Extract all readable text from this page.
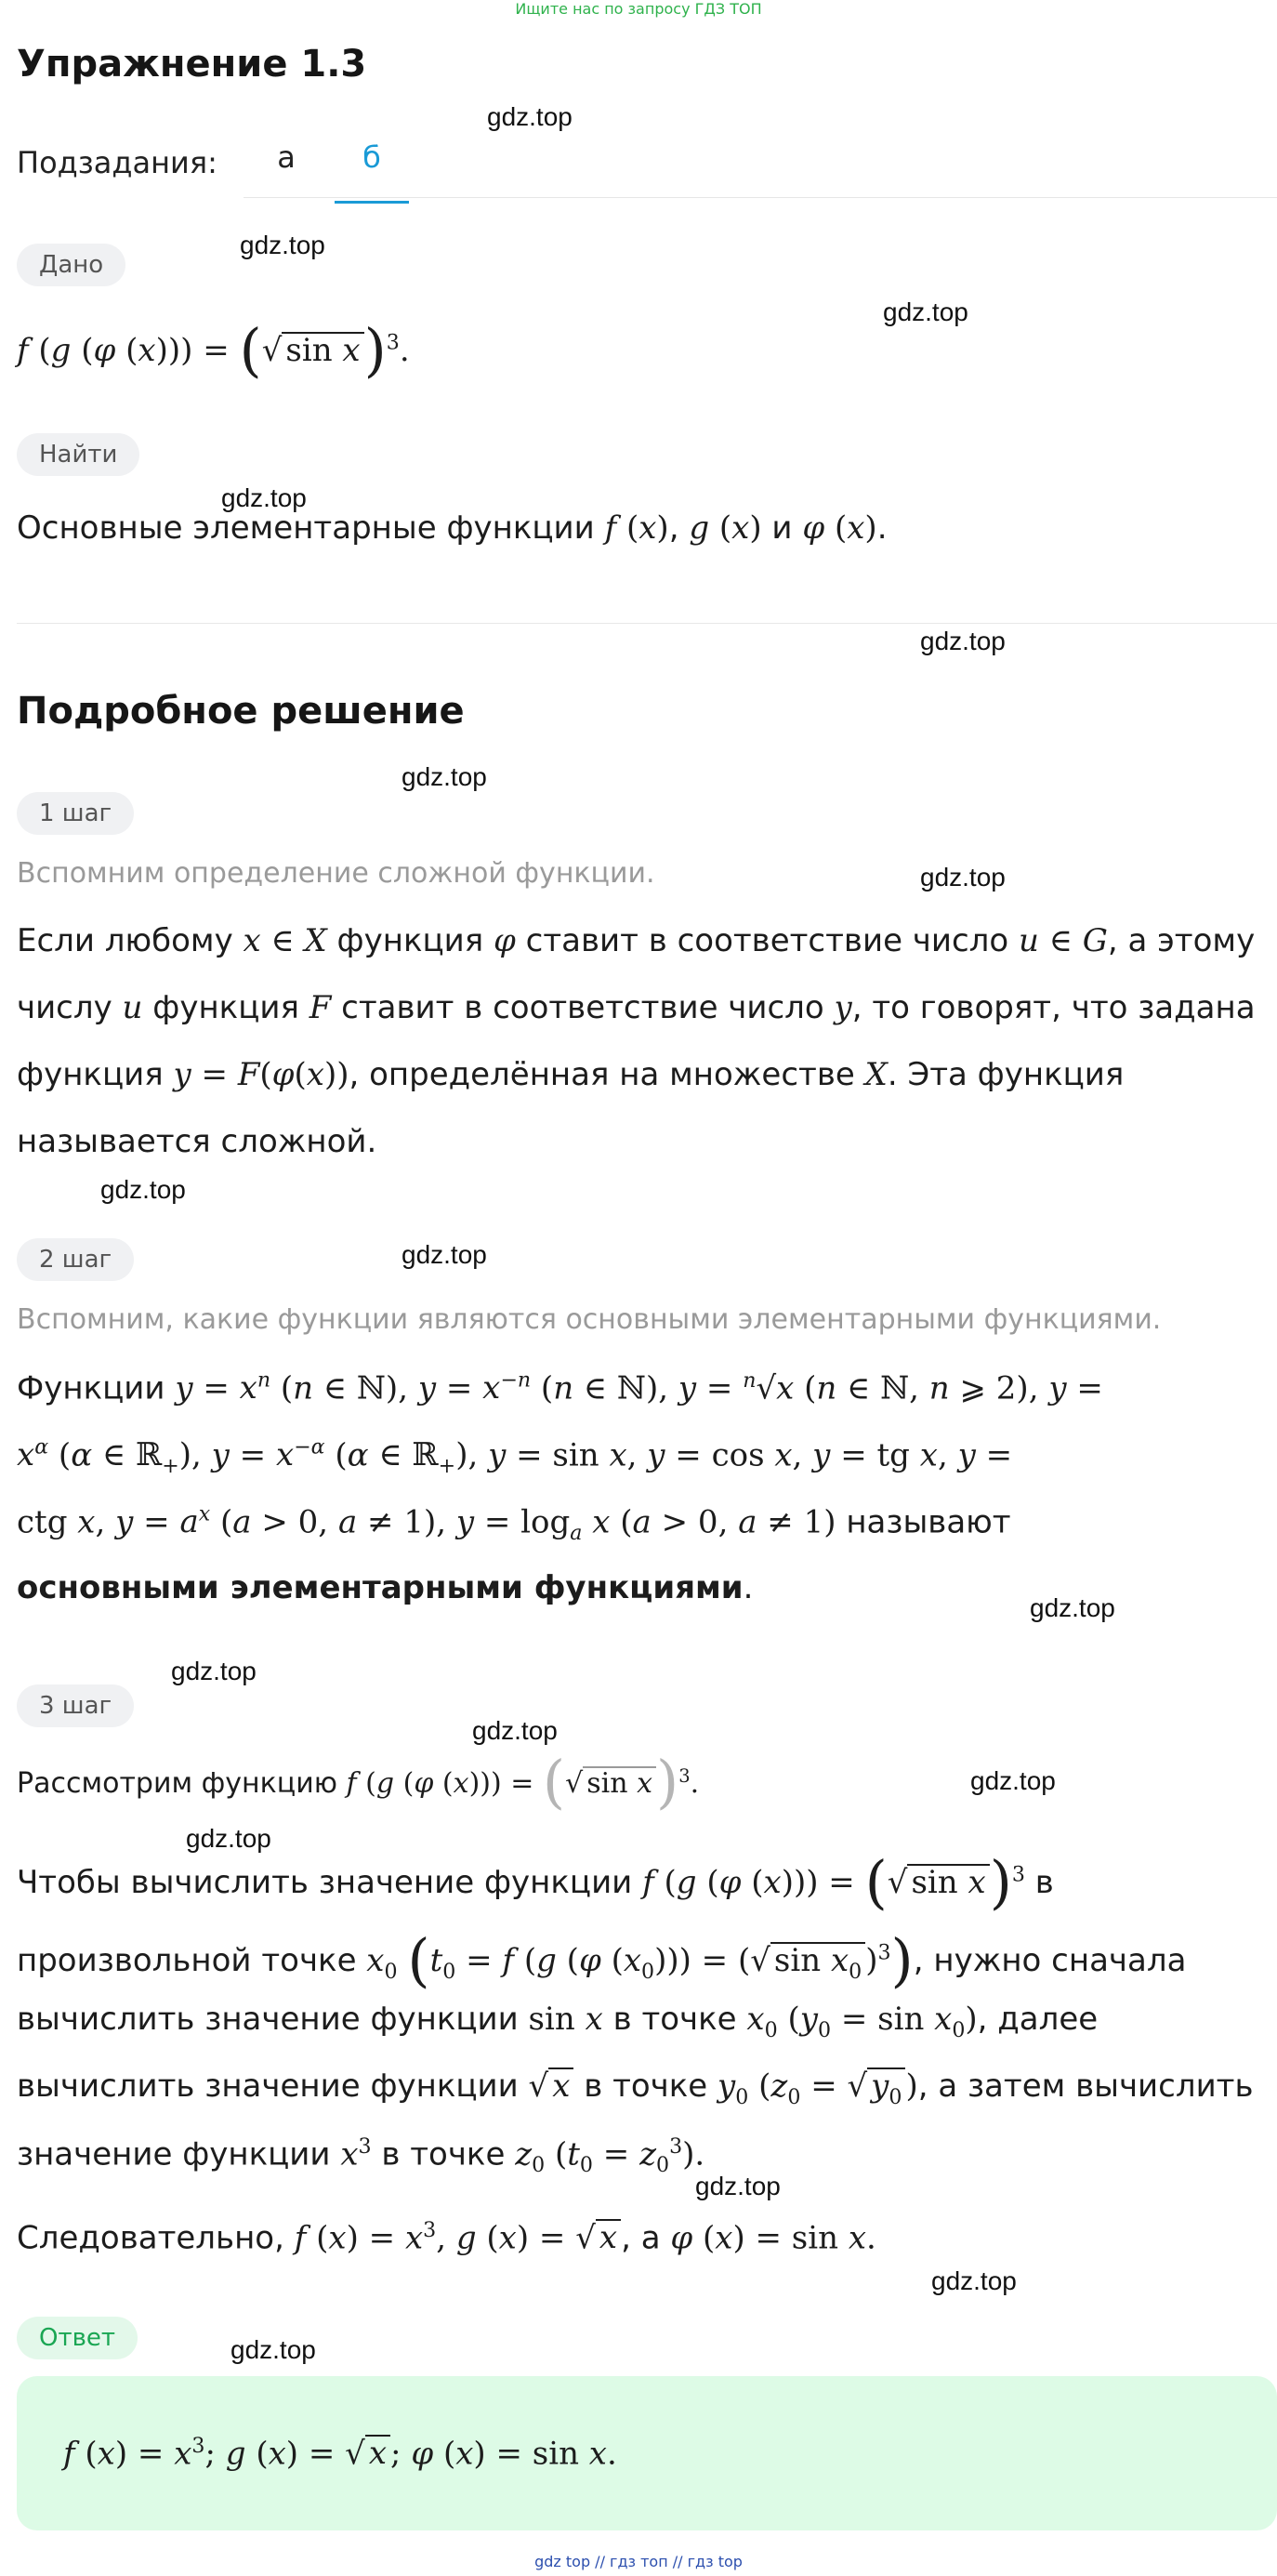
Ищите нас по запросу ГДЗ ТОП
Упражнение 1.3
gdz.top
gdz.top
gdz.top
gdz.top
gdz.top
gdz.top
gdz.top
gdz.top
gdz.top
gdz.top
gdz.top
gdz.top
gdz.top
gdz.top
gdz.top
gdz.top
gdz.top
Подзадания: а	б
Дано
f (g (φ (x))) = (√ sin x)$^3$.
Найти
Основные элементарные функции f (x), g (x) и φ (x).
Подробное решение
1 шаг
Вспомним определение сложной функции.
Если любому x ∈ X функция φ ставит в соответствие число u ∈ G, а этому
числу u функция F ставит в соответствие число y, то говорят, что задана
функция y = F(φ(x)), определённая на множестве X. Эта функция
называется сложной.
2 шаг
Вспомним, какие функции являются основными элементарными функциями.
Функции $y = x^n$ (n ∈ ℕ), $y = x^{-n}$ (n ∈ ℕ), y = $^n$√x (n ∈ ℕ, n ⩾ 2), y =
$x^\alpha$ (α ∈ ℝ$_+$), $y = x^{-\alpha}$ (α ∈ ℝ$_+$), y = sin x, y = cos x, y = tg x, y =
ctg x, $y = a^x$ (a > 0, a ≠ 1), $y = \log_a x$ (a > 0, a ≠ 1) называют
основными элементарными функциями.
3 шаг
Рассмотрим функцию f (g (φ (x))) = (√ sin x)$^3$.
Чтобы вычислить значение функции f (g (φ (x))) = (√ sin x)$^3$ в
произвольной точке $x_0$ ($t_0 = f$ (g (φ $(x_0)$)) = (√ $\sin x_0$ )$^3$), нужно сначала
вычислить значение функции sin x в точке $x_0$ $(y_0 = \sin x_0)$, далее
вычислить значение функции √ x в точке $y_0$ ($z_0$ = √ $y_0$ ), а затем вычислить
значение функции $x^3$ в точке $z_0$ $(t_0 = z_0^3)$.
Следовательно, f $(x) = x^3$, g (x) = √ x , а φ (x) = sin x.
Ответ
f $(x) = x^3$; g (x) = √ x ; φ (x) = sin x.
gdz top // гдз топ // гдз top
